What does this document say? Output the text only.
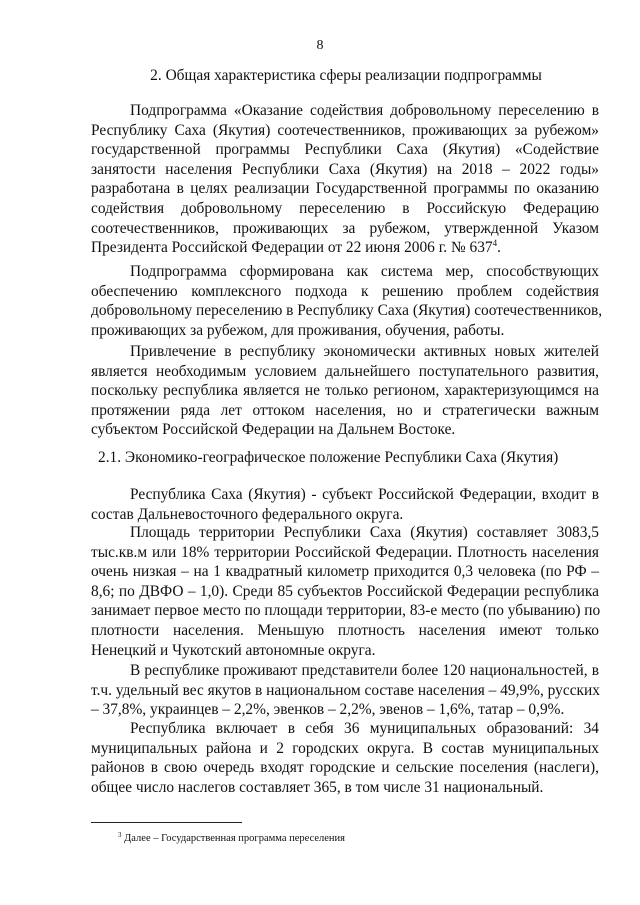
8
2. Общая характеристика сферы реализации подпрограммы
Подпрограмма «Оказание содействия добровольному переселению в
Республику Саха (Якутия) соотечественников, проживающих за рубежом»
государственной программы Республики Саха (Якутия) «Содействие
занятости населения Республики Саха (Якутия) на 2018 – 2022 годы»
разработана в целях реализации Государственной программы по оказанию
содействия добровольному переселению в Российскую Федерацию
соотечественников, проживающих за рубежом, утвержденной Указом
Президента Российской Федерации от 22 июня 2006 г. № $637^4$.
Подпрограмма сформирована как система мер, способствующих
обеспечению комплексного подхода к решению проблем содействия
добровольному переселению в Республику Саха (Якутия) соотечественников,
проживающих за рубежом, для проживания, обучения, работы.
Привлечение в республику экономически активных новых жителей
является необходимым условием дальнейшего поступательного развития,
поскольку республика является не только регионом, характеризующимся на
протяжении ряда лет оттоком населения, но и стратегически важным
субъектом Российской Федерации на Дальнем Востоке.
2.1. Экономико-географическое положение Республики Саха (Якутия)
Республика Саха (Якутия) - субъект Российской Федерации, входит в
состав Дальневосточного федерального округа.
Площадь территории Республики Саха (Якутия) составляет 3083,5
тыс.кв.м или 18% территории Российской Федерации. Плотность населения
очень низкая – на 1 квадратный километр приходится 0,3 человека (по РФ –
8,6; по ДВФО – 1,0). Среди 85 субъектов Российской Федерации республика
занимает первое место по площади территории, 83-е место (по убыванию) по
плотности населения. Меньшую плотность населения имеют только
Ненецкий и Чукотский автономные округа.
В республике проживают представители более 120 национальностей, в
т.ч. удельный вес якутов в национальном составе населения – 49,9%, русских
– 37,8%, украинцев – 2,2%, эвенков – 2,2%, эвенов – 1,6%, татар – 0,9%.
Республика включает в себя 36 муниципальных образований: 34
муниципальных района и 2 городских округа. В состав муниципальных
районов в свою очередь входят городские и сельские поселения (наслеги),
общее число наслегов составляет 365, в том числе 31 национальный.
$^3$ Далее – Государственная программа переселения
